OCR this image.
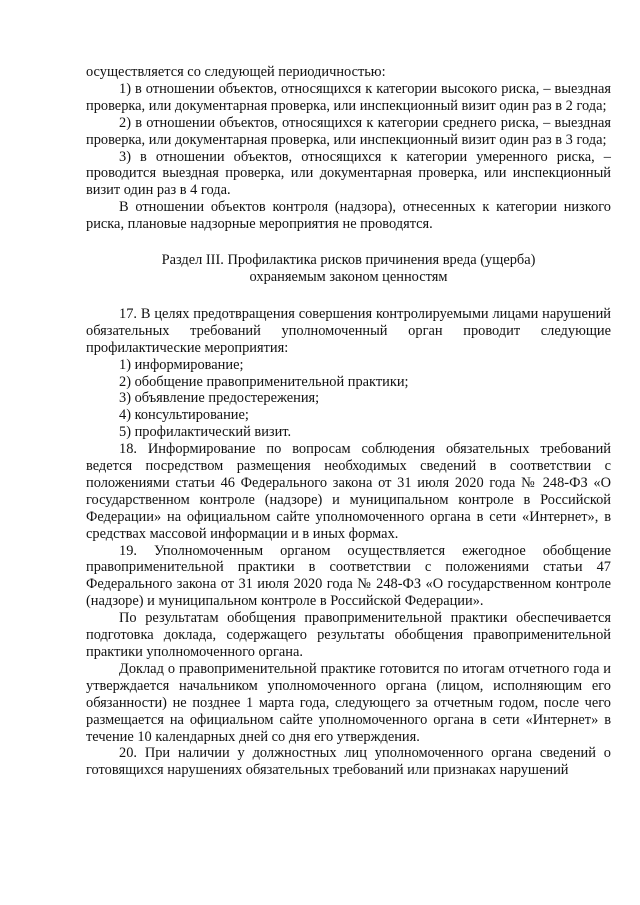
осуществляется со следующей периодичностью:

1) в отношении объектов, относящихся к категории высокого риска, – выездная проверка, или документарная проверка, или инспекционный визит один раз в 2 года;

2) в отношении объектов, относящихся к категории среднего риска, – выездная проверка, или документарная проверка, или инспекционный визит один раз в 3 года;

3) в отношении объектов, относящихся к категории умеренного риска, – проводится выездная проверка, или документарная проверка, или инспекционный визит один раз в 4 года.

В отношении объектов контроля (надзора), отнесенных к категории низкого риска, плановые надзорные мероприятия не проводятся.

Раздел III. Профилактика рисков причинения вреда (ущерба)

охраняемым законом ценностям

17. В целях предотвращения совершения контролируемыми лицами нарушений обязательных требований уполномоченный орган проводит следующие профилактические мероприятия:

1) информирование;

2) обобщение правоприменительной практики;

3) объявление предостережения;

4) консультирование;

5) профилактический визит.

18. Информирование по вопросам соблюдения обязательных требований ведется посредством размещения необходимых сведений в соответствии с положениями статьи 46 Федерального закона от 31 июля 2020 года № 248-ФЗ «О государственном контроле (надзоре) и муниципальном контроле в Российской Федерации» на официальном сайте уполномоченного органа в сети «Интернет», в средствах массовой информации и в иных формах.

19. Уполномоченным органом осуществляется ежегодное обобщение правоприменительной практики в соответствии с положениями статьи 47 Федерального закона от 31 июля 2020 года № 248-ФЗ «О государственном контроле (надзоре) и муниципальном контроле в Российской Федерации».

По результатам обобщения правоприменительной практики обеспечивается подготовка доклада, содержащего результаты обобщения правоприменительной практики уполномоченного органа.

Доклад о правоприменительной практике готовится по итогам отчетного года и утверждается начальником уполномоченного органа (лицом, исполняющим его обязанности) не позднее 1 марта года, следующего за отчетным годом, после чего размещается на официальном сайте уполномоченного органа в сети «Интернет» в течение 10 календарных дней со дня его утверждения.

20. При наличии у должностных лиц уполномоченного органа сведений о готовящихся нарушениях обязательных требований или признаках нарушений
